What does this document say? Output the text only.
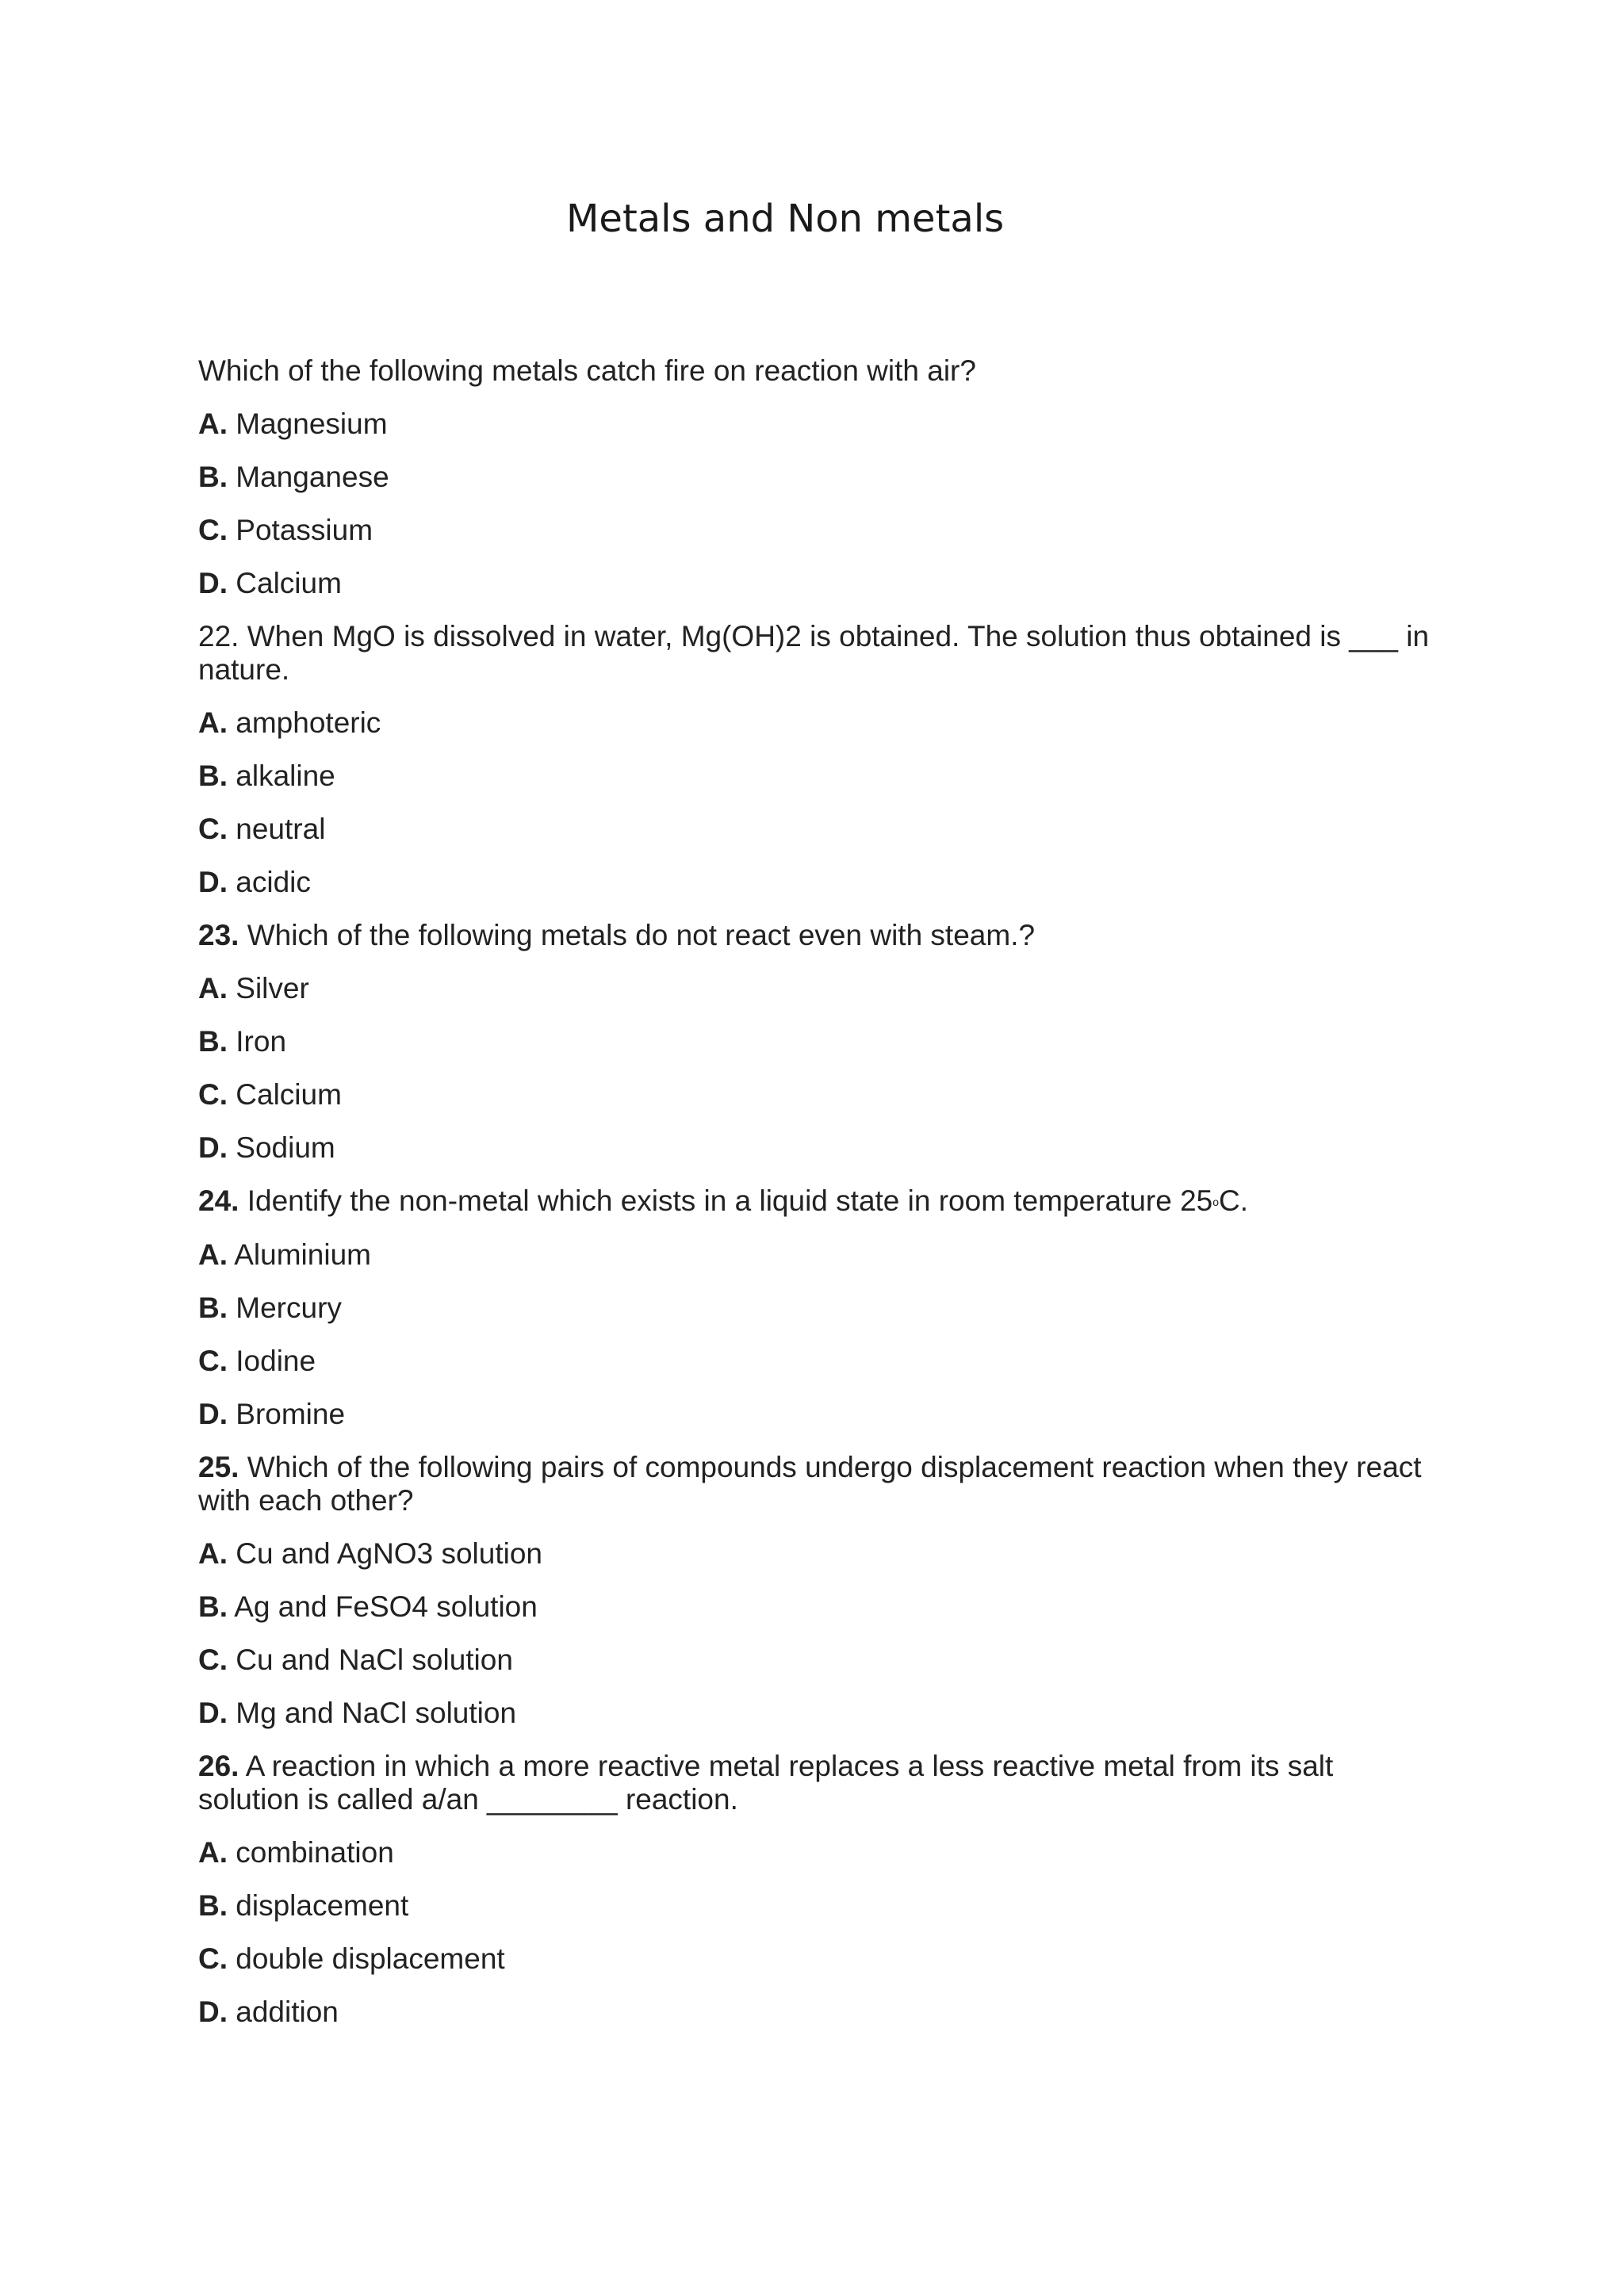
Metals and Non metals
Which of the following metals catch fire on reaction with air?
A. Magnesium
B. Manganese
C. Potassium
D. Calcium
22. When MgO is dissolved in water, Mg(OH)2 is obtained. The solution thus obtained is ___ in nature.
A. amphoteric
B. alkaline
C. neutral
D. acidic
23. Which of the following metals do not react even with steam.?
A. Silver
B. Iron
C. Calcium
D. Sodium
24. Identify the non-metal which exists in a liquid state in room temperature 25$^o$C.
A. Aluminium
B. Mercury
C. Iodine
D. Bromine
25. Which of the following pairs of compounds undergo displacement reaction when they react with each other?
A. Cu and AgNO3 solution
B. Ag and FeSO4 solution
C. Cu and NaCl solution
D. Mg and NaCl solution
26. A reaction in which a more reactive metal replaces a less reactive metal from its salt solution is called a/an ________ reaction.
A. combination
B. displacement
C. double displacement
D. addition
